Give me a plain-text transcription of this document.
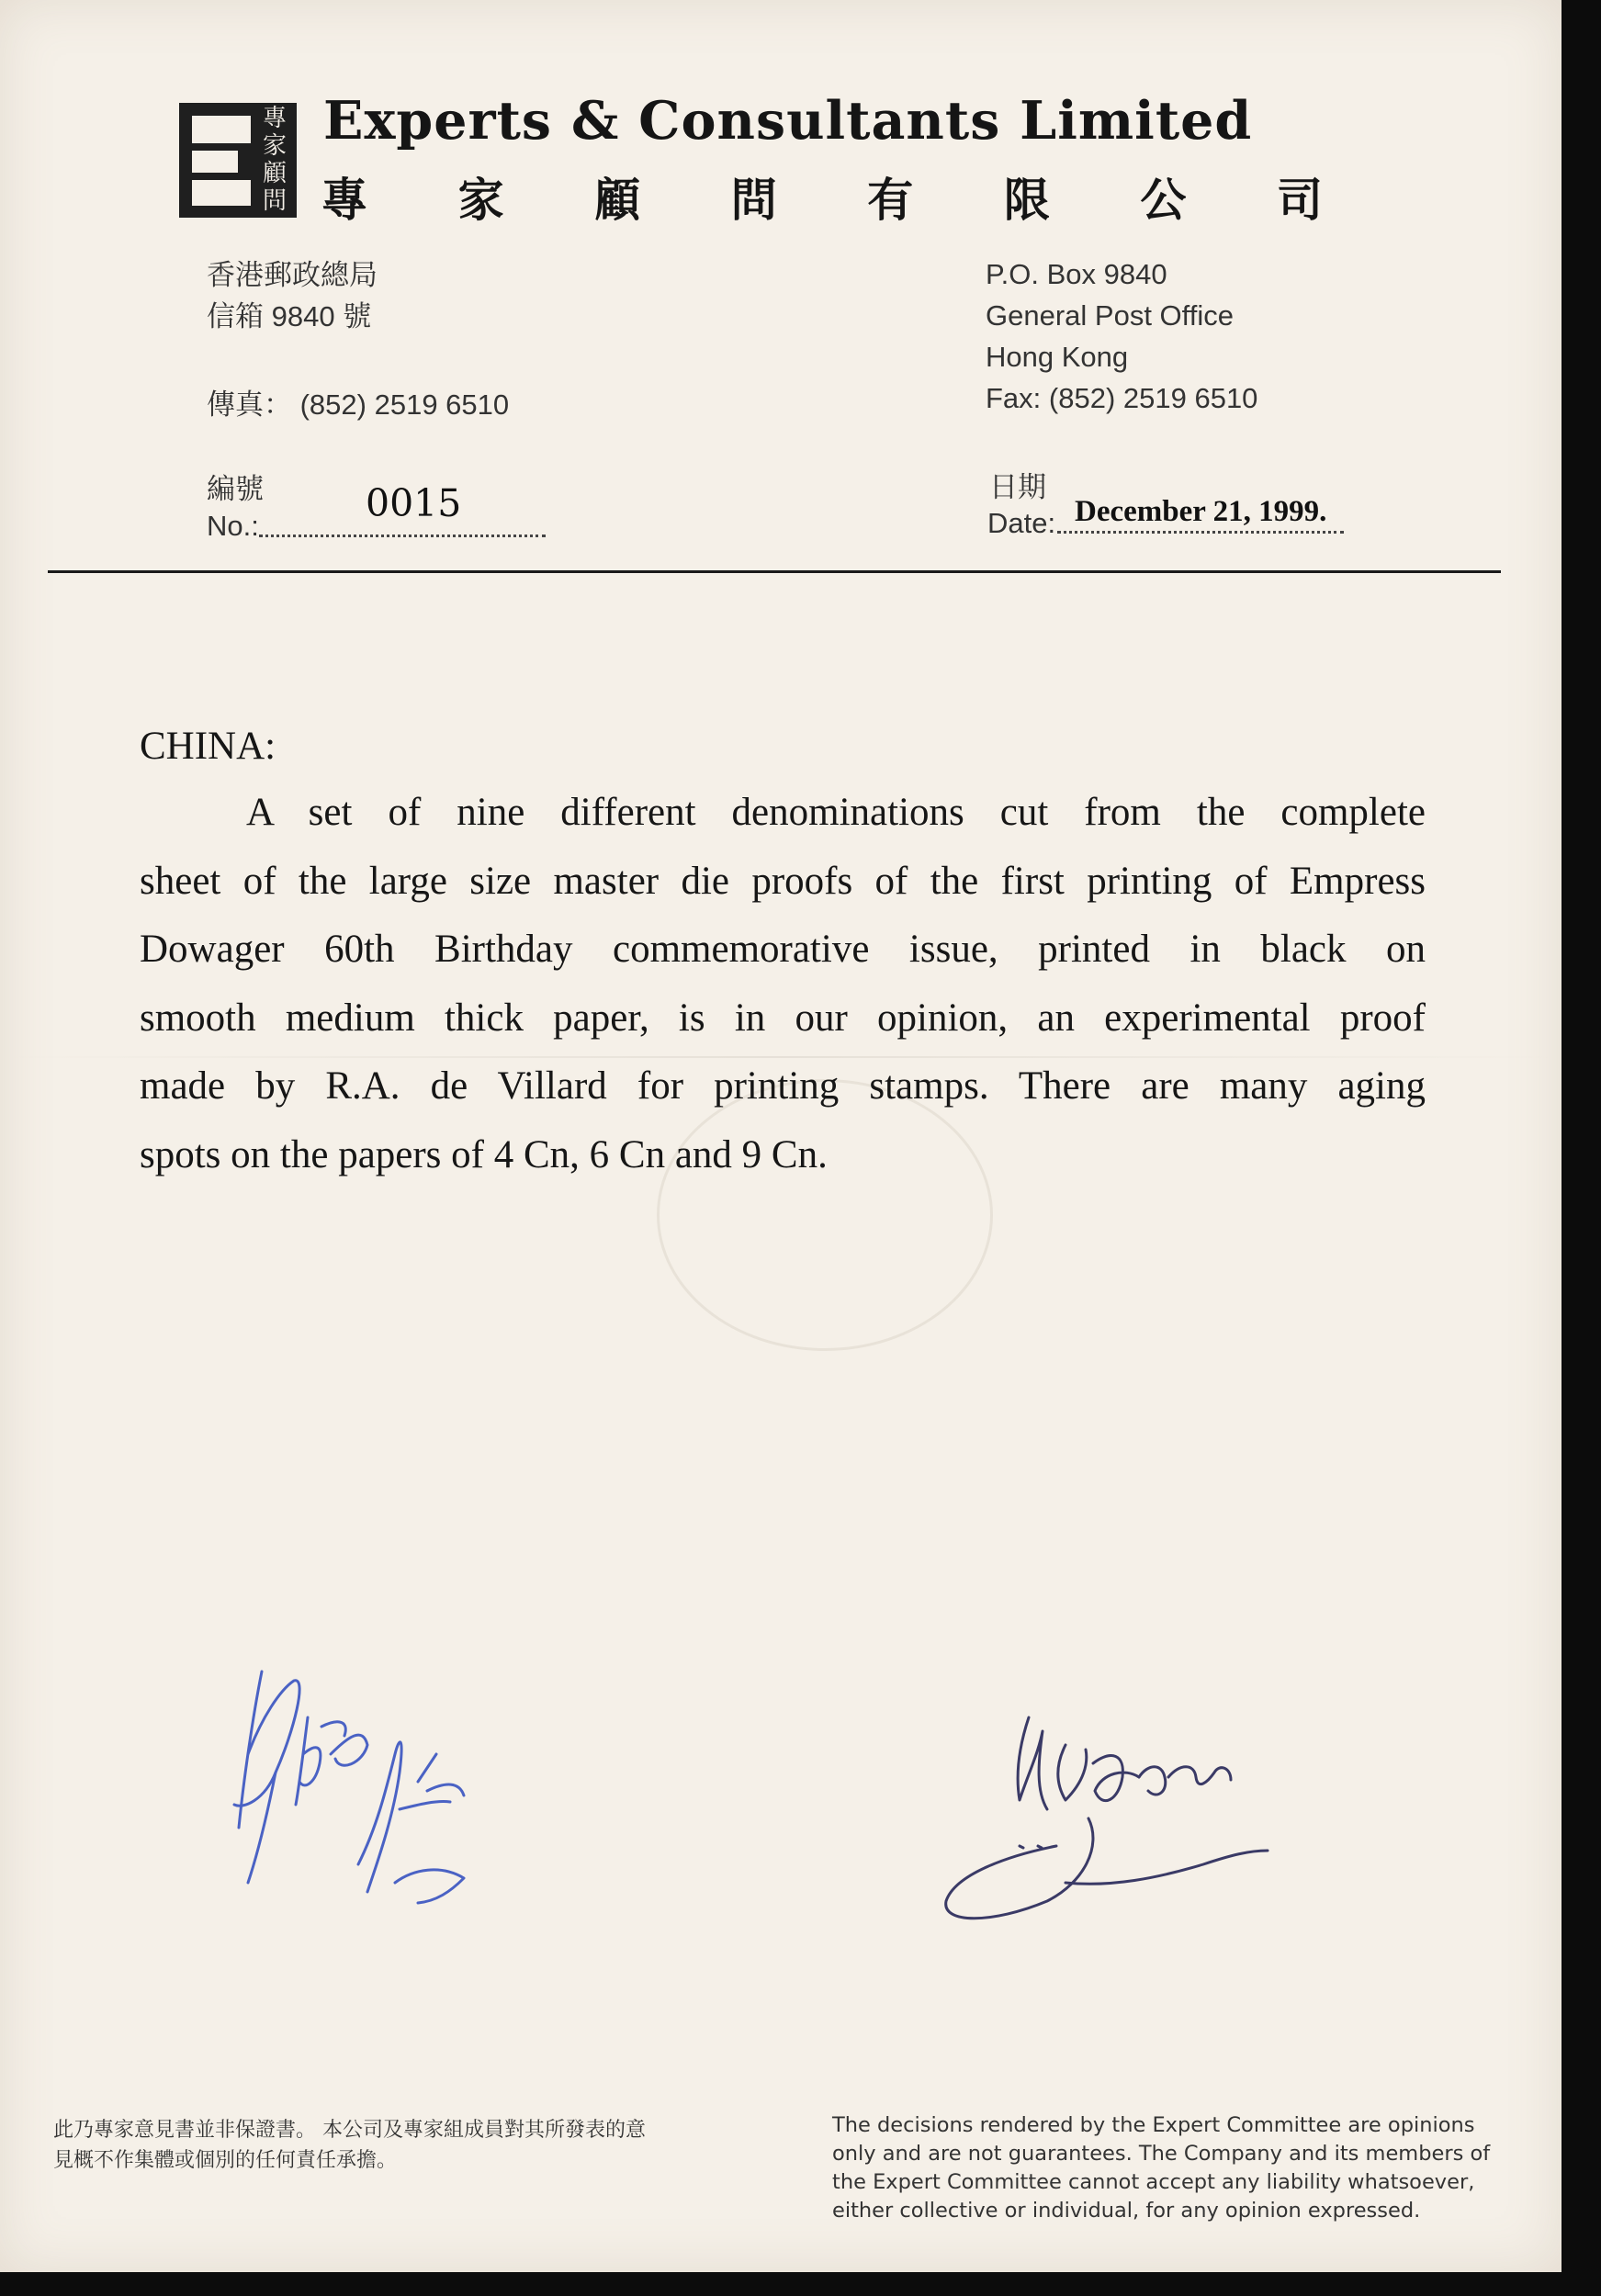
專
家
顧
問
Experts & Consultants Limited
專 家 顧 問 有 限 公 司
香港郵政總局
信箱 9840 號
傳真： (852) 2519 6510
P.O. Box 9840
General Post Office
Hong Kong
Fax: (852) 2519 6510
編號
No.:
0015	日期
Date: December 21, 1999.
CHINA:
A set of nine different denominations cut from the complete
sheet of the large size master die proofs of the first printing of Empress
Dowager 60th Birthday commemorative issue, printed in black on
smooth medium thick paper, is in our opinion, an experimental proof
made by R.A. de Villard for printing stamps. There are many aging
spots on the papers of 4 Cn, 6 Cn and 9 Cn.
此乃專家意見書並非保證書。 本公司及專家組成員對其所發表的意
見概不作集體或個別的任何責任承擔。
The decisions rendered by the Expert Committee are opinions
only and are not guarantees. The Company and its members of
the Expert Committee cannot accept any liability whatsoever,
either collective or individual, for any opinion expressed.
